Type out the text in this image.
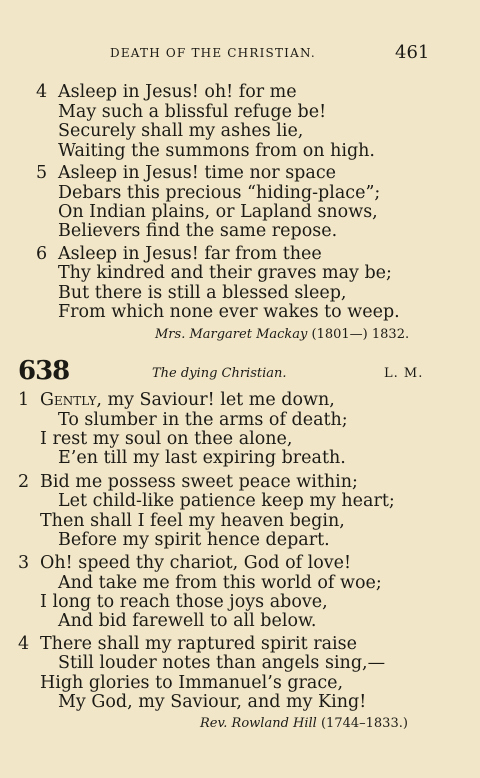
DEATH OF THE CHRISTIAN.	461
4 Asleep in Jesus! oh! for me
May such a blissful refuge be!
Securely shall my ashes lie,
Waiting the summons from on high.
5 Asleep in Jesus! time nor space
Debars this precious “hiding-place”;
On Indian plains, or Lapland snows,
Believers find the same repose.
6 Asleep in Jesus! far from thee
Thy kindred and their graves may be;
But there is still a blessed sleep,
From which none ever wakes to weep.
Mrs. Margaret Mackay (1801—) 1832.
638	The dying Christian.	L. M.
1 Gently, my Saviour! let me down,
To slumber in the arms of death;
I rest my soul on thee alone,
E’en till my last expiring breath.
2 Bid me possess sweet peace within;
Let child-like patience keep my heart;
Then shall I feel my heaven begin,
Before my spirit hence depart.
3 Oh! speed thy chariot, God of love!
And take me from this world of woe;
I long to reach those joys above,
And bid farewell to all below.
4 There shall my raptured spirit raise
Still louder notes than angels sing,—
High glories to Immanuel’s grace,
My God, my Saviour, and my King!
Rev. Rowland Hill (1744–1833.)
